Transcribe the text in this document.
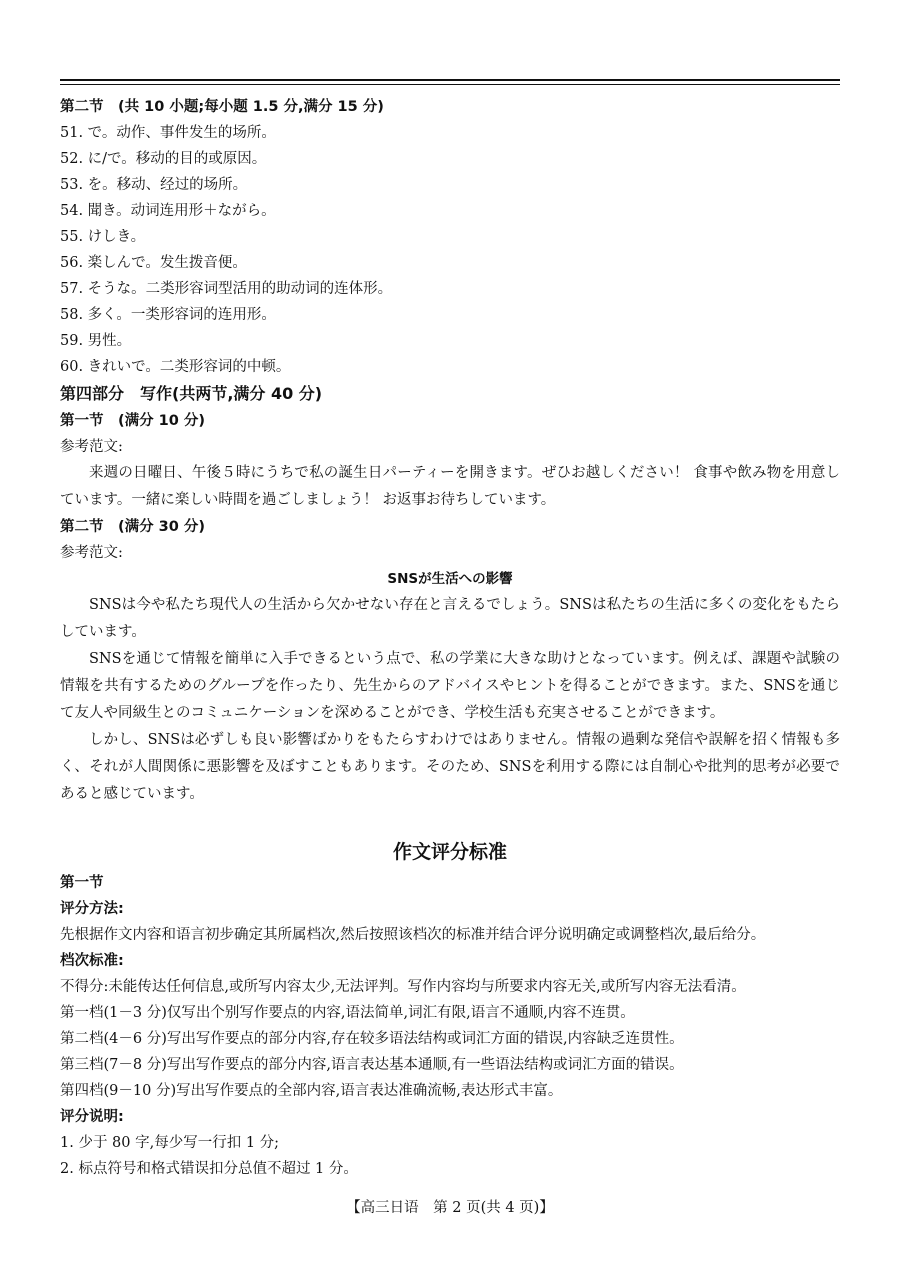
第二节　(共 10 小题;每小题 1.5 分,满分 15 分)
51. で。动作、事件发生的场所。
52. に/で。移动的目的或原因。
53. を。移动、经过的场所。
54. 聞き。动词连用形＋ながら。
55. けしき。
56. 楽しんで。发生拨音便。
57. そうな。二类形容词型活用的助动词的连体形。
58. 多く。一类形容词的连用形。
59. 男性。
60. きれいで。二类形容词的中顿。
第四部分　写作(共两节,满分 40 分)
第一节　(满分 10 分)
参考范文:

来週の日曜日、午後５時にうちで私の誕生日パーティーを開きます。ぜひお越しください！ 食事や飲み物を用意しています。一緒に楽しい時間を過ごしましょう！ お返事お待ちしています。

第二节　(满分 30 分)
参考范文:
SNSが生活への影響

SNSは今や私たち現代人の生活から欠かせない存在と言えるでしょう。SNSは私たちの生活に多くの変化をもたらしています。

SNSを通じて情報を簡単に入手できるという点で、私の学業に大きな助けとなっています。例えば、課題や試験の情報を共有するためのグループを作ったり、先生からのアドバイスやヒントを得ることができます。また、SNSを通じて友人や同級生とのコミュニケーションを深めることができ、学校生活も充実させることができます。

しかし、SNSは必ずしも良い影響ばかりをもたらすわけではありません。情報の過剰な発信や誤解を招く情報も多く、それが人間関係に悪影響を及ぼすこともあります。そのため、SNSを利用する際には自制心や批判的思考が必要であると感じています。

作文评分标准
第一节
评分方法:
先根据作文内容和语言初步确定其所属档次,然后按照该档次的标准并结合评分说明确定或调整档次,最后给分。
档次标准:
不得分:未能传达任何信息,或所写内容太少,无法评判。写作内容均与所要求内容无关,或所写内容无法看清。
第一档(1－3 分)仅写出个别写作要点的内容,语法简单,词汇有限,语言不通顺,内容不连贯。
第二档(4－6 分)写出写作要点的部分内容,存在较多语法结构或词汇方面的错误,内容缺乏连贯性。
第三档(7－8 分)写出写作要点的部分内容,语言表达基本通顺,有一些语法结构或词汇方面的错误。
第四档(9－10 分)写出写作要点的全部内容,语言表达准确流畅,表达形式丰富。
评分说明:
1. 少于 80 字,每少写一行扣 1 分;
2. 标点符号和格式错误扣分总值不超过 1 分。
【高三日语　第 2 页(共 4 页)】
